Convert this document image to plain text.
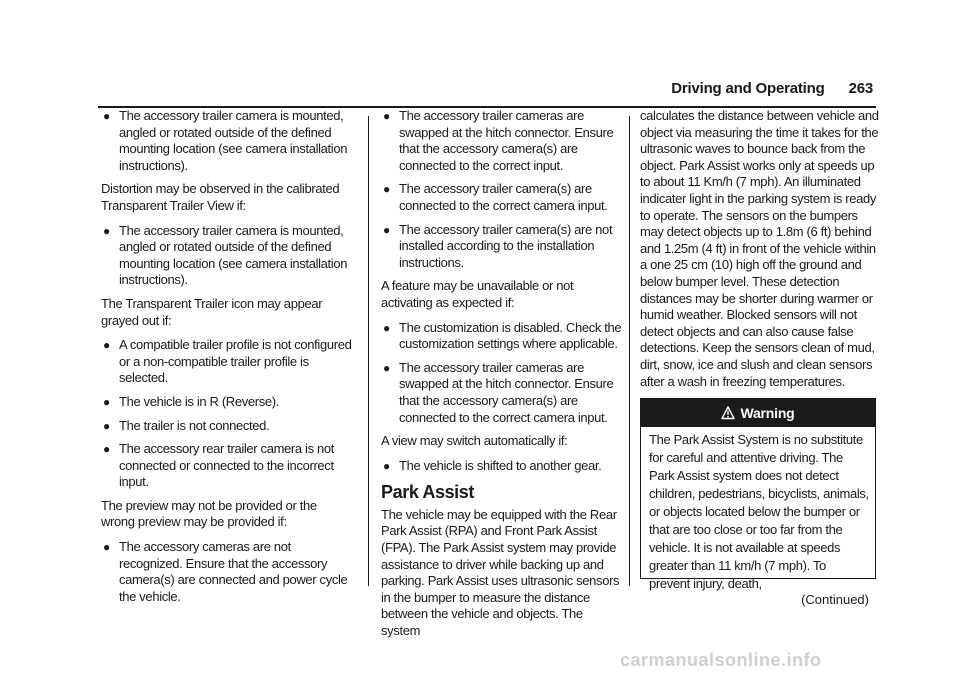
Driving and Operating 263
● The accessory trailer camera is mounted, angled or rotated outside of the defined mounting location (see camera installation instructions).

Distortion may be observed in the calibrated Transparent Trailer View if:

● The accessory trailer camera is mounted, angled or rotated outside of the defined mounting location (see camera installation instructions).

The Transparent Trailer icon may appear grayed out if:

● A compatible trailer profile is not configured or a non-compatible trailer profile is selected.
● The vehicle is in R (Reverse).
● The trailer is not connected.
● The accessory rear trailer camera is not connected or connected to the incorrect input.

The preview may not be provided or the wrong preview may be provided if:

● The accessory cameras are not recognized. Ensure that the accessory camera(s) are connected and power cycle the vehicle.
● The accessory trailer cameras are swapped at the hitch connector. Ensure that the accessory camera(s) are connected to the correct input.
● The accessory trailer camera(s) are connected to the correct camera input.
● The accessory trailer camera(s) are not installed according to the installation instructions.

A feature may be unavailable or not activating as expected if:

● The customization is disabled. Check the customization settings where applicable.
● The accessory trailer cameras are swapped at the hitch connector. Ensure that the accessory camera(s) are connected to the correct camera input.

A view may switch automatically if:

● The vehicle is shifted to another gear.
Park Assist

The vehicle may be equipped with the Rear Park Assist (RPA) and Front Park Assist (FPA). The Park Assist system may provide assistance to driver while backing up and parking. Park Assist uses ultrasonic sensors in the bumper to measure the distance between the vehicle and objects. The system

calculates the distance between vehicle and object via measuring the time it takes for the ultrasonic waves to bounce back from the object. Park Assist works only at speeds up to about 11 Km/h (7 mph). An illuminated indicater light in the parking system is ready to operate. The sensors on the bumpers may detect objects up to 1.8m (6 ft) behind and 1.25m (4 ft) in front of the vehicle within a one 25 cm (10) high off the ground and below bumper level. These detection distances may be shorter during warmer or humid weather. Blocked sensors will not detect objects and can also cause false detections. Keep the sensors clean of mud, dirt, snow, ice and slush and clean sensors after a wash in freezing temperatures.

Warning
The Park Assist System is no substitute for careful and attentive driving. The Park Assist system does not detect children, pedestrians, bicyclists, animals, or objects located below the bumper or that are too close or too far from the vehicle. It is not available at speeds greater than 11 km/h (7 mph). To prevent injury, death,
(Continued)
carmanualsonline.info
